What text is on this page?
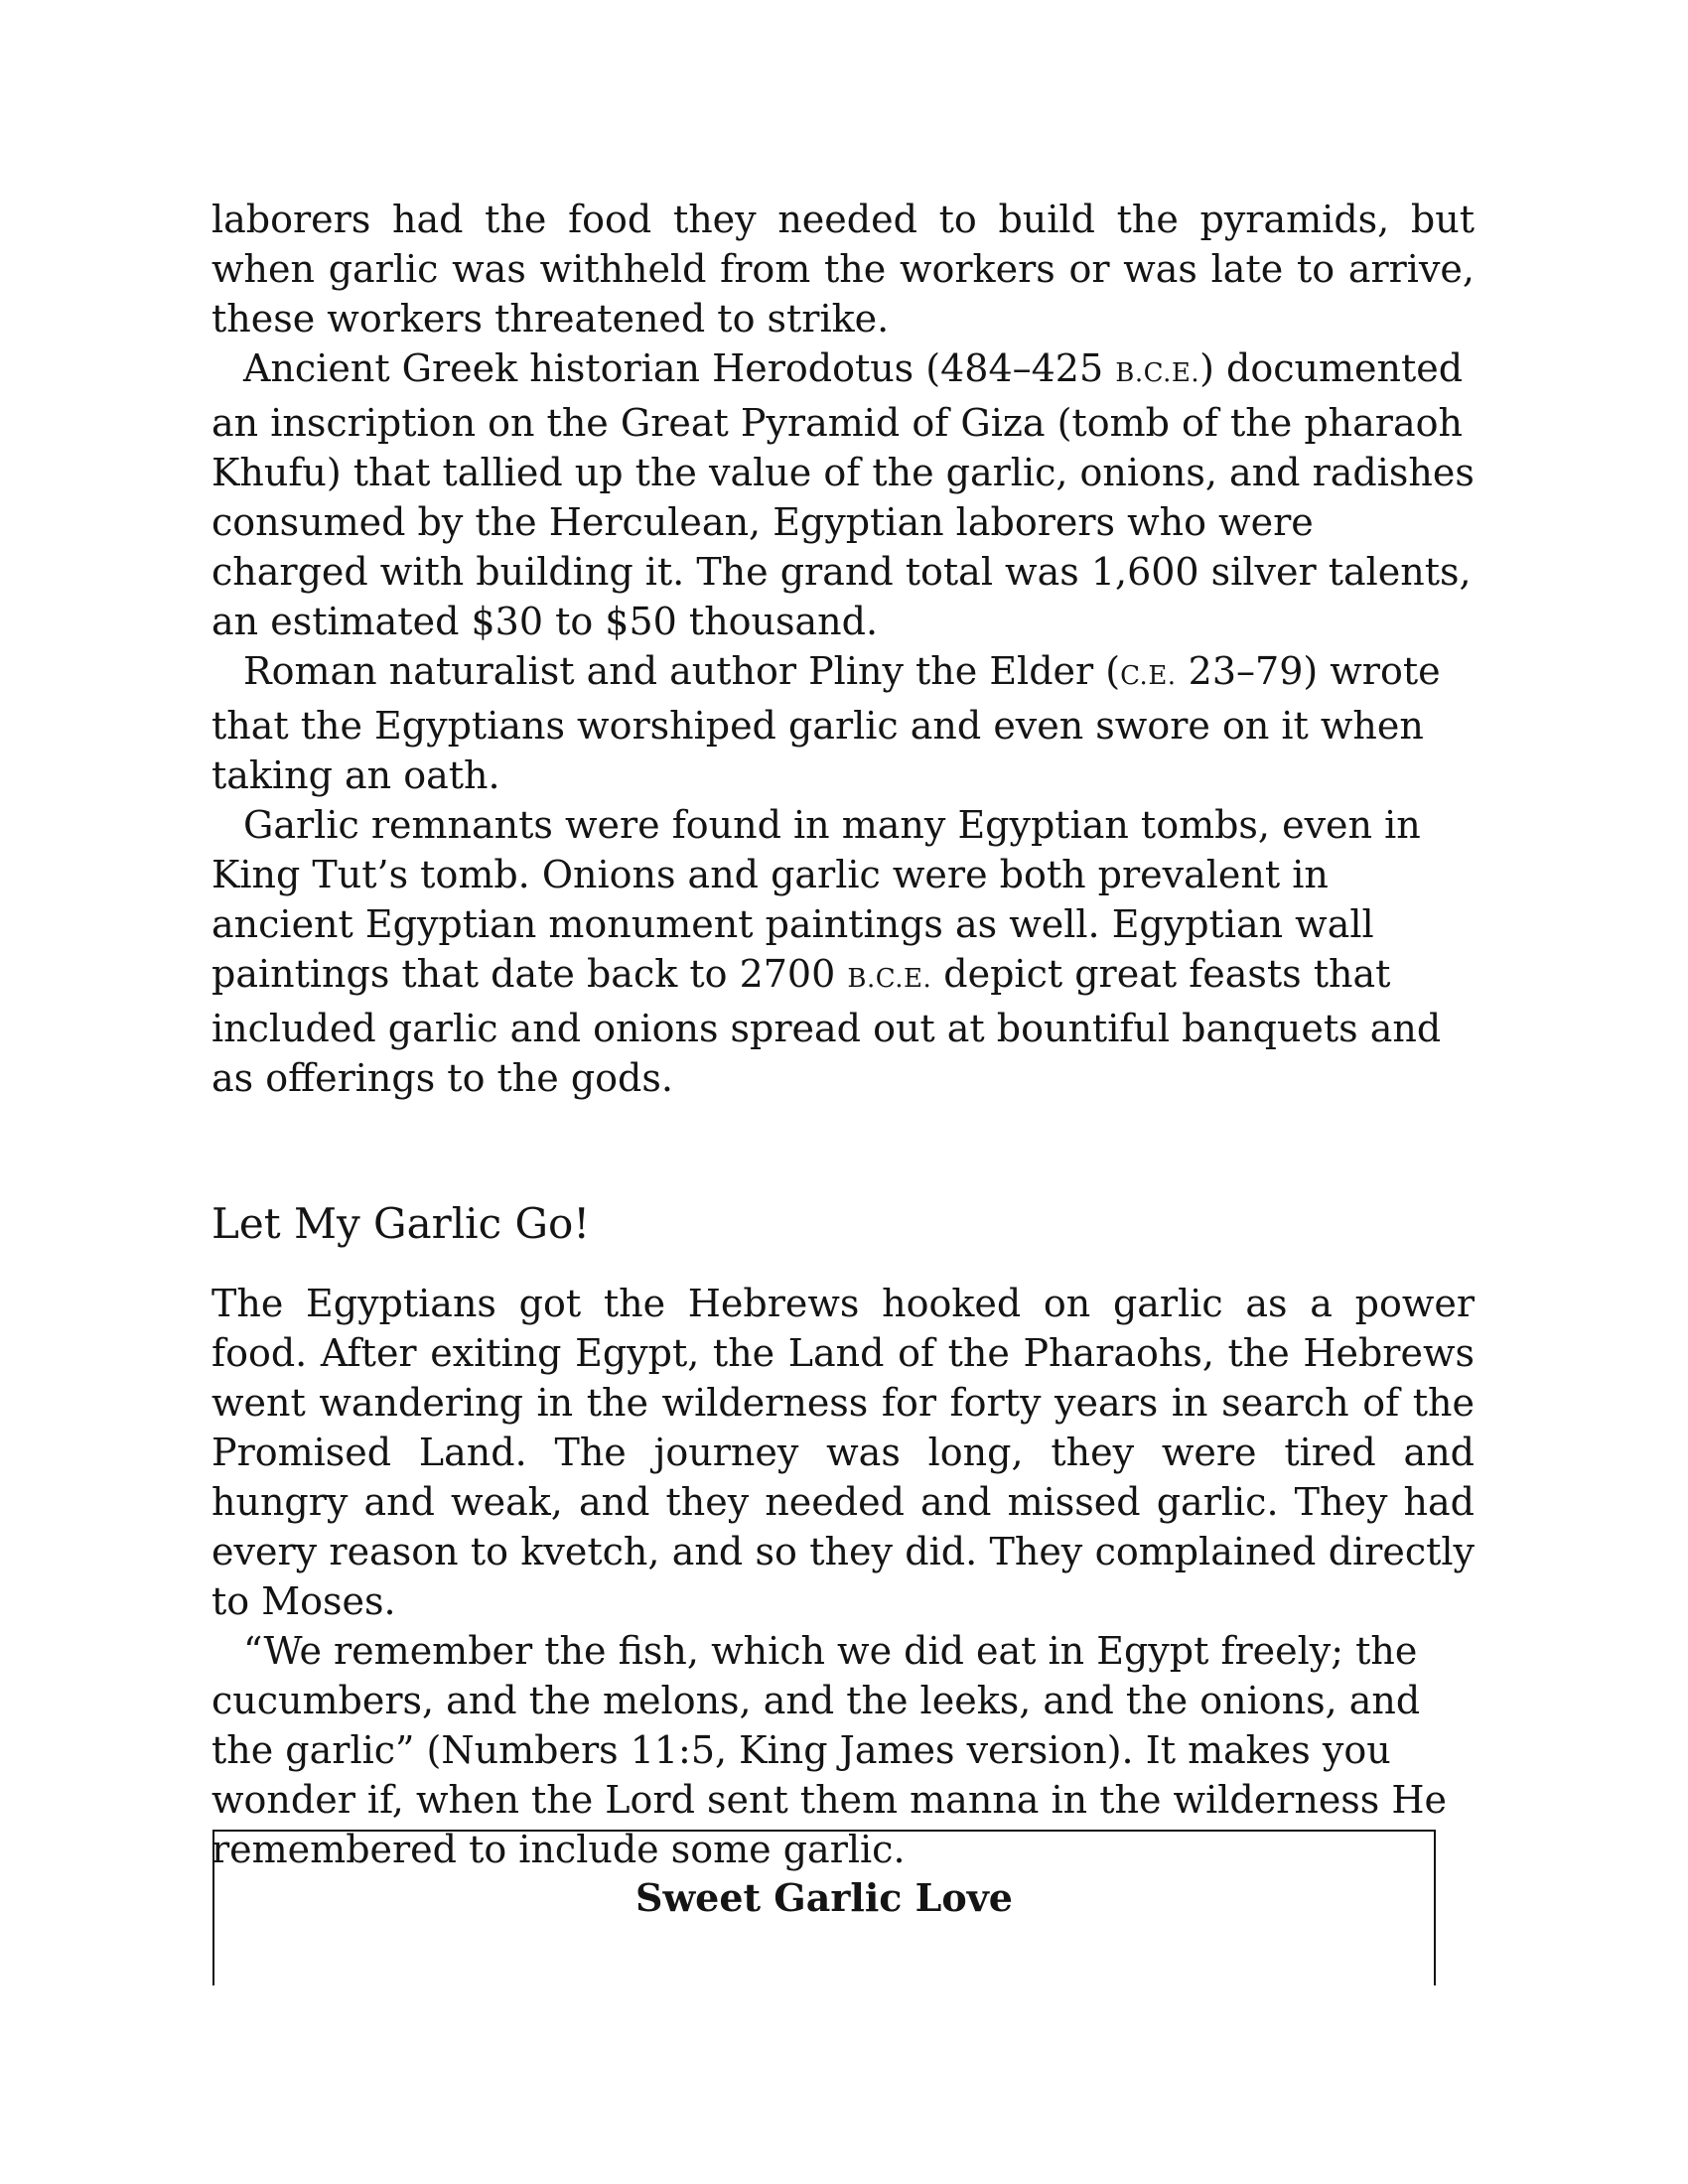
laborers had the food they needed to build the pyramids, but when garlic was withheld from the workers or was late to arrive, these workers threatened to strike.

Ancient Greek historian Herodotus (484–425 B.C.E.) documented an inscription on the Great Pyramid of Giza (tomb of the pharaoh Khufu) that tallied up the value of the garlic, onions, and radishes consumed by the Herculean, Egyptian laborers who were charged with building it. The grand total was 1,600 silver talents, an estimated $30 to $50 thousand.

Roman naturalist and author Pliny the Elder (C.E. 23–79) wrote that the Egyptians worshiped garlic and even swore on it when taking an oath.

Garlic remnants were found in many Egyptian tombs, even in King Tut’s tomb. Onions and garlic were both prevalent in ancient Egyptian monument paintings as well. Egyptian wall paintings that date back to 2700 B.C.E. depict great feasts that included garlic and onions spread out at bountiful banquets and as offerings to the gods.

Let My Garlic Go!

The Egyptians got the Hebrews hooked on garlic as a power food. After exiting Egypt, the Land of the Pharaohs, the Hebrews went wandering in the wilderness for forty years in search of the Promised Land. The journey was long, they were tired and hungry and weak, and they needed and missed garlic. They had every reason to kvetch, and so they did. They complained directly to Moses.

“We remember the fish, which we did eat in Egypt freely; the cucumbers, and the melons, and the leeks, and the onions, and the garlic” (Numbers 11:5, King James version). It makes you wonder if, when the Lord sent them manna in the wilderness He remembered to include some garlic.

Sweet Garlic Love
